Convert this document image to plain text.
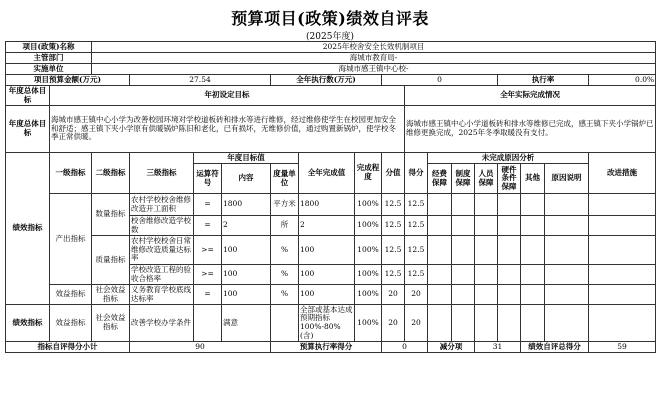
预算项目(政策)绩效自评表
(2025年度)
项目(政策)名称		2025年校舍安全长效机制项目															
主管部门		海城市教育局-															
实施单位		海城市感王镇中心校-															
项目预算金额(万元)			27.54			全年执行数(万元)			0					执行率			0.0%
年度总体目标	年初设定目标									全年实际完成情况							
年度总体目标	海城市感王镇中心小学为改善校园环境对学校道板砖和排水等进行维修，经过维修使学生在校园更加安全和舒适；感王镇下夹小学原有供暖锅炉陈旧和老化，已有损坏，无维修价值，通过购置新锅炉，使学校冬季正常供暖。									海城市感王镇中心小学道板砖和排水等维修已完成，感王镇下夹小学锅炉已维修更换完成，2025年冬季取暖没有支付。							
绩效指标	一级指标	二级指标	三级指标	年度目标值			全年完成值	完成程度	分值	得分	未完成原因分析						改进措施
				运算符号	内容	度量单位					经费保障	制度保障	人员保障	硬件条件保障	其他	原因说明	

	产出指标	数量指标	农村学校校舍维修改造开工面积	=	1800	平方米	1800	100%	12.5	12.5							
			校舍维修改造学校数	=	2	所	2	100%	12.5	12.5							
		质量指标	农村学校校舍日常维修改造质量达标率	>=	100	%	100	100%	12.5	12.5							
			学校改造工程的验收合格率	>=	100	%	100	100%	12.5	12.5							
	效益指标	社会效益指标	义务教育学校底线达标率	=	100	%	100	100%	20	20							
绩效指标	效益指标	社会效益指标	改善学校办学条件		满意		全部或基本达成预期指标100%-80%(含)	100%	20	20							
指标自评得分小计			90			预算执行率得分			0		减分项		31		绩效自评总得分		59
